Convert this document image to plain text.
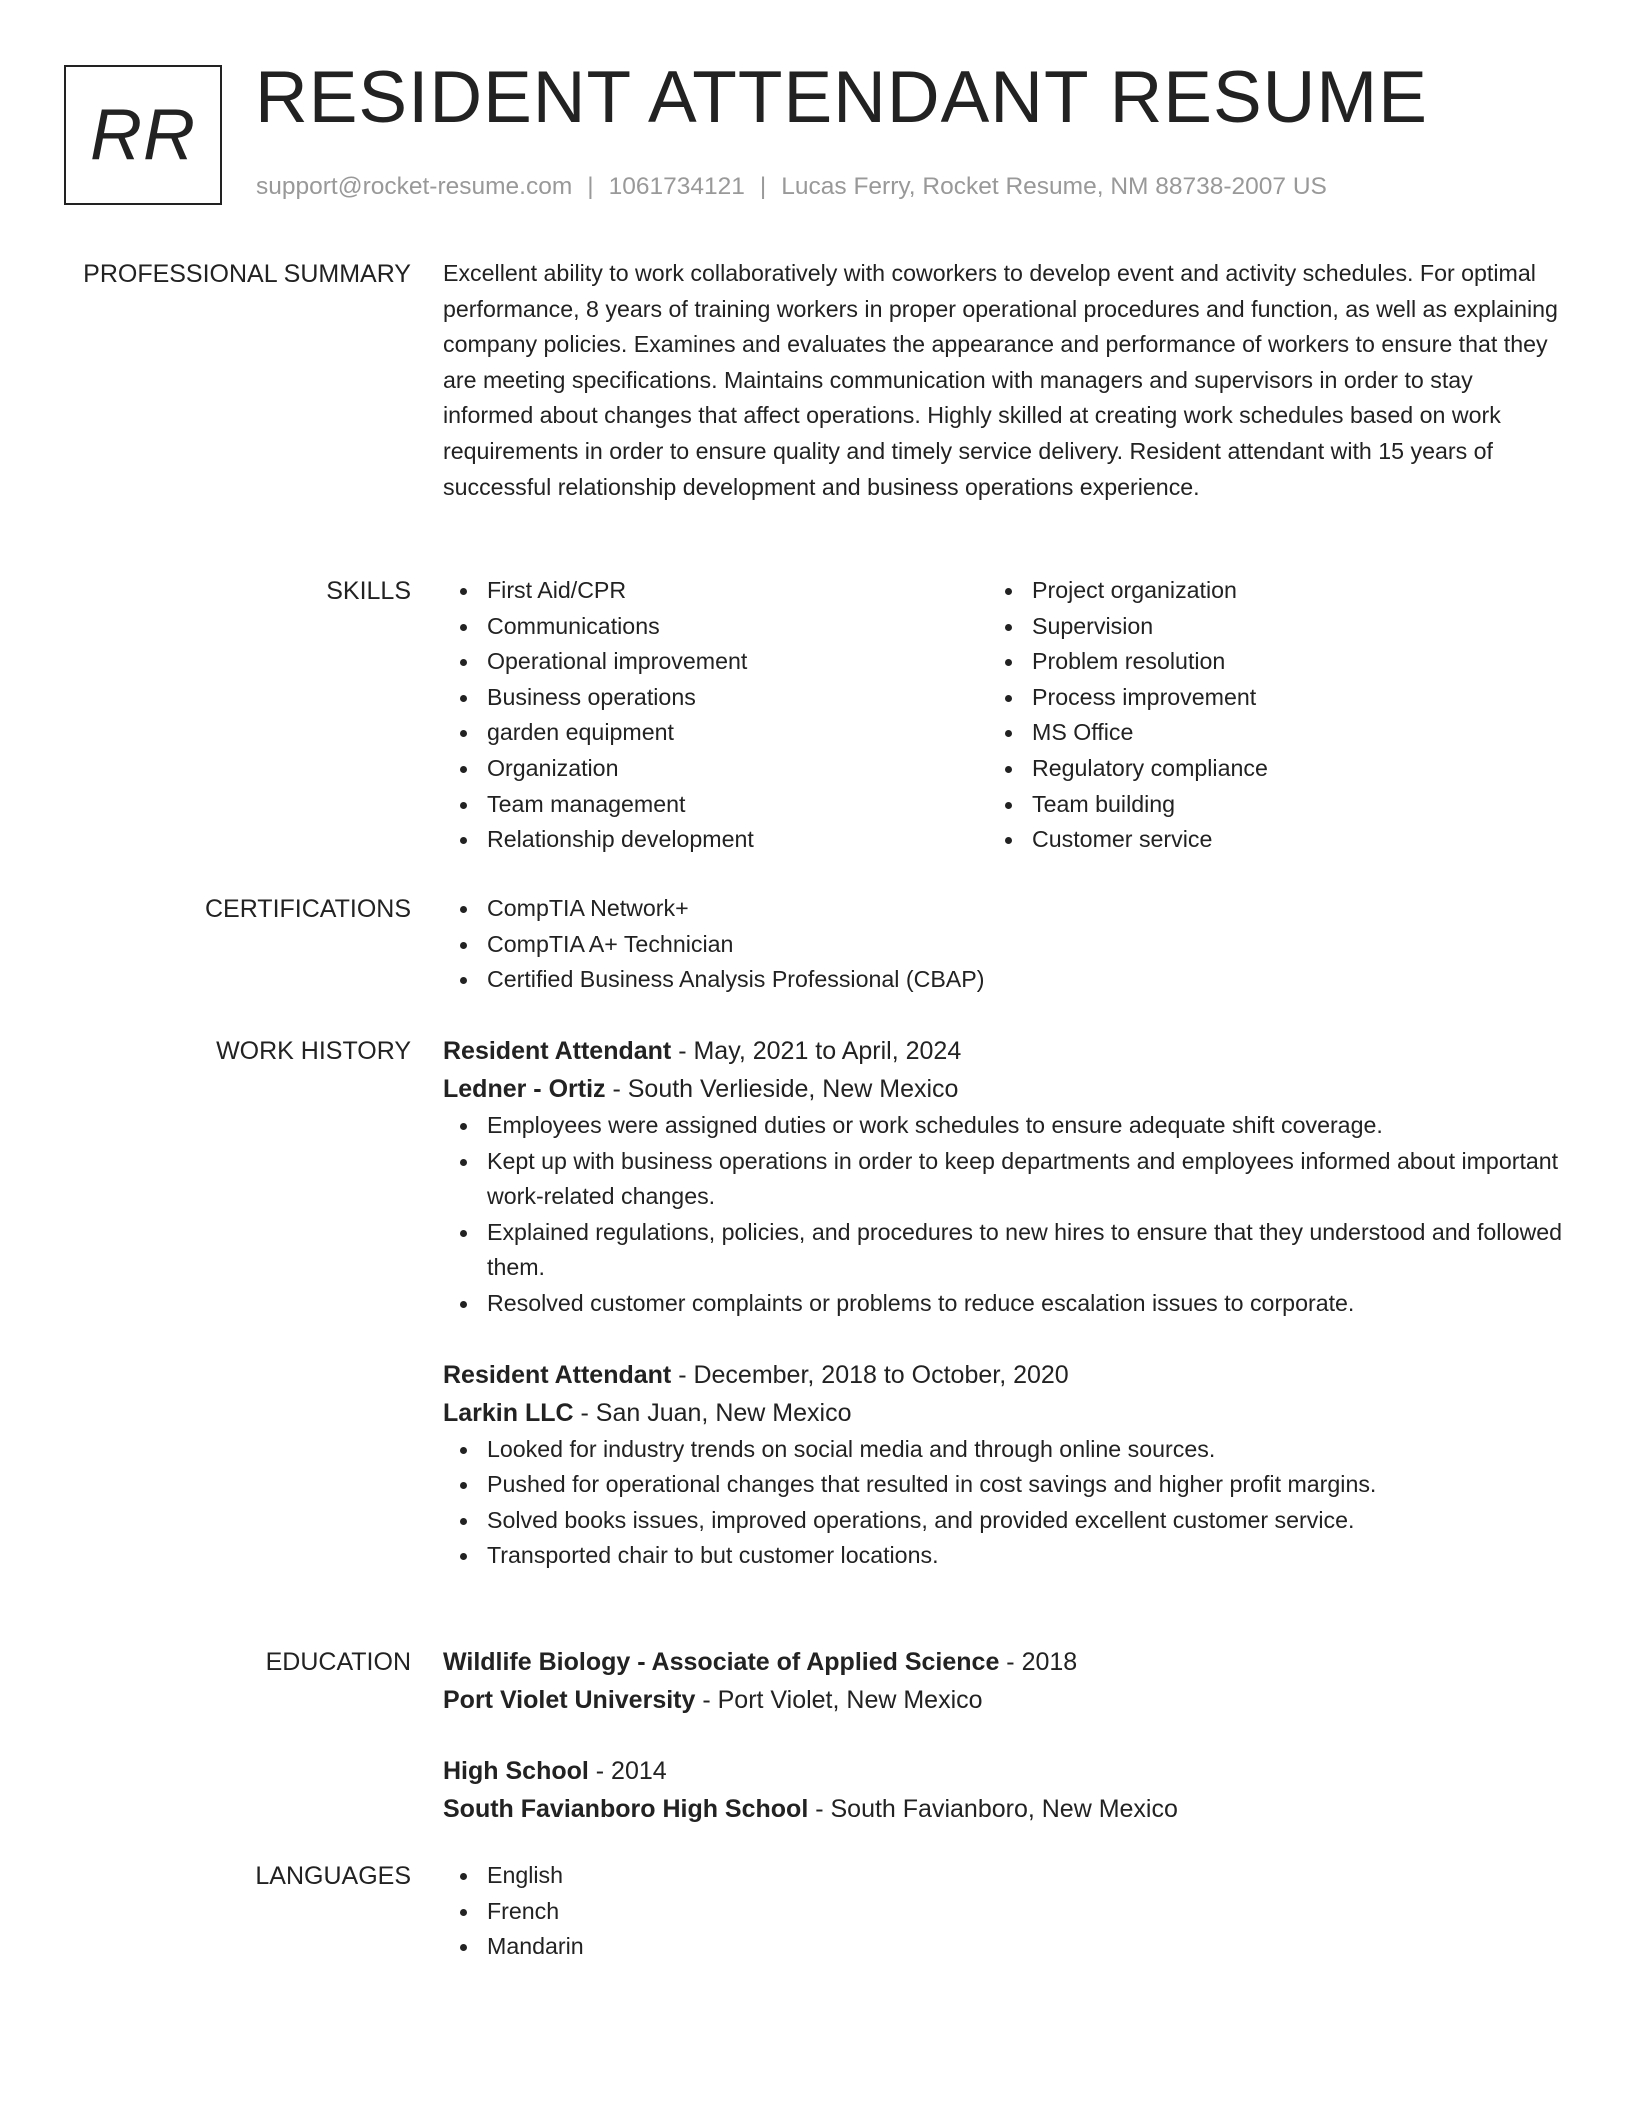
RR RESIDENT ATTENDANT RESUME
support@rocket-resume.com | 1061734121 | Lucas Ferry, Rocket Resume, NM 88738-2007 US
PROFESSIONAL SUMMARY Excellent ability to work collaboratively with coworkers to develop event and activity schedules. For optimal performance, 8 years of training workers in proper operational procedures and function, as well as explaining company policies. Examines and evaluates the appearance and performance of workers to ensure that they are meeting specifications. Maintains communication with managers and supervisors in order to stay informed about changes that affect operations. Highly skilled at creating work schedules based on work requirements in order to ensure quality and timely service delivery. Resident attendant with 15 years of successful relationship development and business operations experience.
SKILLS	First Aid/CPR
Communications
Operational improvement
Business operations
garden equipment
Organization
Team management
Relationship development
Project organization
Supervision
Problem resolution
Process improvement
MS Office
Regulatory compliance
Team building
Customer service
CERTIFICATIONS	CompTIA Network+
CompTIA A+ Technician
Certified Business Analysis Professional (CBAP)
WORK HISTORY Resident Attendant - May, 2021 to April, 2024
Ledner - Ortiz - South Verlieside, New Mexico
Employees were assigned duties or work schedules to ensure adequate shift coverage.
Kept up with business operations in order to keep departments and employees informed about important work-related changes.
Explained regulations, policies, and procedures to new hires to ensure that they understood and followed them.
Resolved customer complaints or problems to reduce escalation issues to corporate.
Resident Attendant - December, 2018 to October, 2020
Larkin LLC - San Juan, New Mexico
Looked for industry trends on social media and through online sources.
Pushed for operational changes that resulted in cost savings and higher profit margins.
Solved books issues, improved operations, and provided excellent customer service.
Transported chair to but customer locations.
EDUCATION Wildlife Biology - Associate of Applied Science - 2018
Port Violet University - Port Violet, New Mexico
High School - 2014
South Favianboro High School - South Favianboro, New Mexico
LANGUAGES	English
French
Mandarin
